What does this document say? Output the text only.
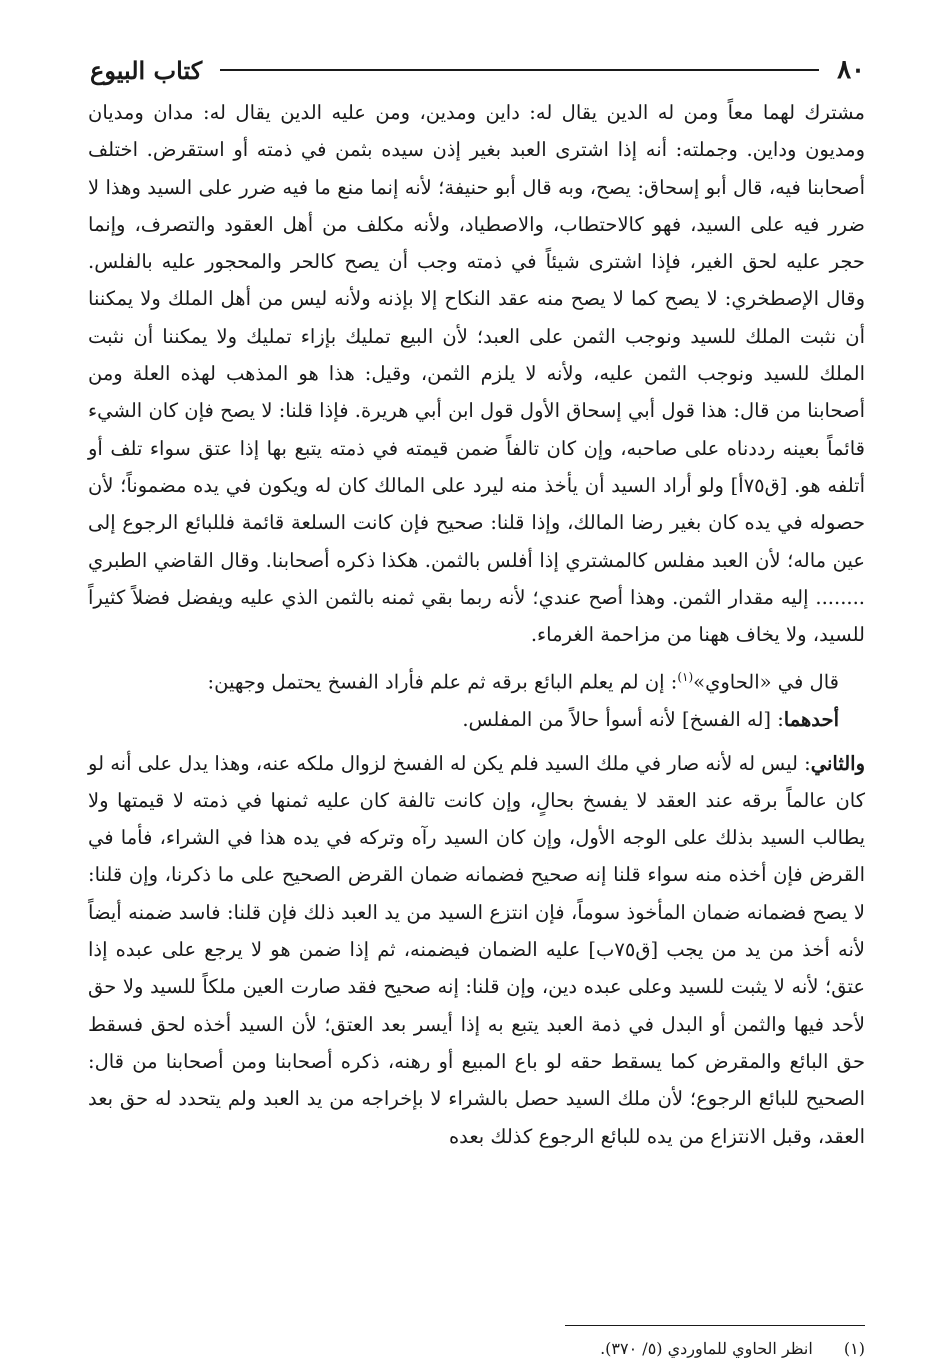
٨٠
كتاب البيوع

مشترك لهما معاً ومن له الدين يقال له: داين ومدين، ومن عليه الدين يقال له: مدان ومديان ومديون وداين. وجملته: أنه إذا اشترى العبد بغير إذن سيده بثمن في ذمته أو استقرض. اختلف أصحابنا فيه، قال أبو إسحاق: يصح، وبه قال أبو حنيفة؛ لأنه إنما منع ما فيه ضرر على السيد وهذا لا ضرر فيه على السيد، فهو كالاحتطاب، والاصطياد، ولأنه مكلف من أهل العقود والتصرف، وإنما حجر عليه لحق الغير، فإذا اشترى شيئاً في ذمته وجب أن يصح كالحر والمحجور عليه بالفلس. وقال الإصطخري: لا يصح كما لا يصح منه عقد النكاح إلا بإذنه ولأنه ليس من أهل الملك ولا يمكننا أن نثبت الملك للسيد ونوجب الثمن على العبد؛ لأن البيع تمليك بإزاء تمليك ولا يمكننا أن نثبت الملك للسيد ونوجب الثمن عليه، ولأنه لا يلزم الثمن، وقيل: هذا هو المذهب لهذه العلة ومن أصحابنا من قال: هذا قول أبي إسحاق الأول قول ابن أبي هريرة. فإذا قلنا: لا يصح فإن كان الشيء قائماً بعينه رددناه على صاحبه، وإن كان تالفاً ضمن قيمته في ذمته يتبع بها إذا عتق سواء تلف أو أتلفه هو. [ق٧٥أ] ولو أراد السيد أن يأخذ منه ليرد على المالك كان له ويكون في يده مضموناً؛ لأن حصوله في يده كان بغير رضا المالك، وإذا قلنا: صحيح فإن كانت السلعة قائمة فللبائع الرجوع إلى عين ماله؛ لأن العبد مفلس كالمشتري إذا أفلس بالثمن. هكذا ذكره أصحابنا. وقال القاضي الطبري ........ إليه مقدار الثمن. وهذا أصح عندي؛ لأنه ربما بقي ثمنه بالثمن الذي عليه ويفضل فضلاً كثيراً للسيد، ولا يخاف ههنا من مزاحمة الغرماء.

قال في «الحاوي»$^{(١)}$: إن لم يعلم البائع برقه ثم علم فأراد الفسخ يحتمل وجهين:

أحدهما: [له الفسخ] لأنه أسوأ حالاً من المفلس.

والثاني: ليس له لأنه صار في ملك السيد فلم يكن له الفسخ لزوال ملكه عنه، وهذا يدل على أنه لو كان عالماً برقه عند العقد لا يفسخ بحالٍ، وإن كانت تالفة كان عليه ثمنها في ذمته لا قيمتها ولا يطالب السيد بذلك على الوجه الأول، وإن كان السيد رآه وتركه في يده هذا في الشراء، فأما في القرض فإن أخذه منه سواء قلنا إنه صحيح فضمانه ضمان القرض الصحيح على ما ذكرنا، وإن قلنا: لا يصح فضمانه ضمان المأخوذ سوماً، فإن انتزع السيد من يد العبد ذلك فإن قلنا: فاسد ضمنه أيضاً لأنه أخذ من يد من يجب [ق٧٥ب] عليه الضمان فيضمنه، ثم إذا ضمن هو لا يرجع على عبده إذا عتق؛ لأنه لا يثبت للسيد وعلى عبده دين، وإن قلنا: إنه صحيح فقد صارت العين ملكاً للسيد ولا حق لأحد فيها والثمن أو البدل في ذمة العبد يتبع به إذا أيسر بعد العتق؛ لأن السيد أخذه لحق فسقط حق البائع والمقرض كما يسقط حقه لو باع المبيع أو رهنه، ذكره أصحابنا ومن أصحابنا من قال: الصحيح للبائع الرجوع؛ لأن ملك السيد حصل بالشراء لا بإخراجه من يد العبد ولم يتحدد له حق بعد العقد، وقبل الانتزاع من يده للبائع الرجوع كذلك بعده

(١) انظر الحاوي للماوردي (٥/ ٣٧٠).
